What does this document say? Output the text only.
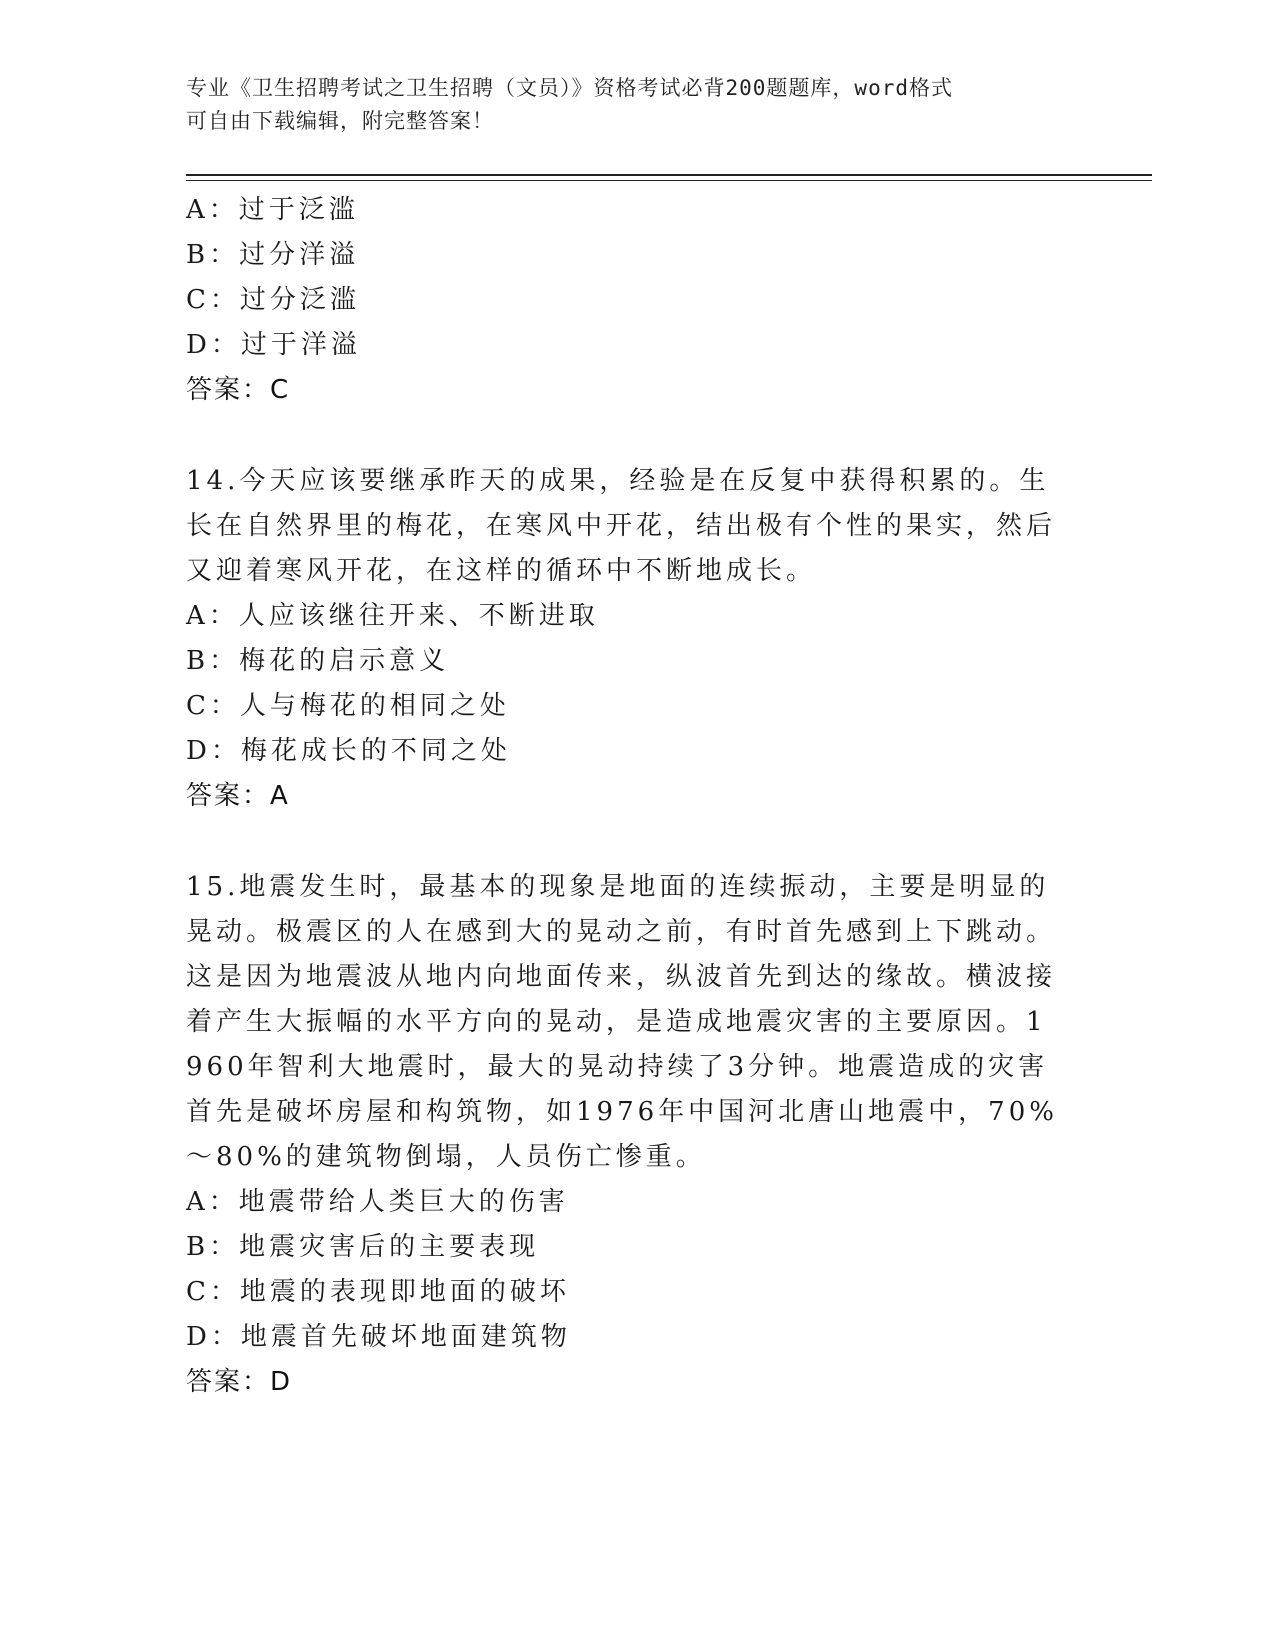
专业《卫生招聘考试之卫生招聘（文员）》资格考试必背200题题库，word格式
可自由下载编辑，附完整答案！
A：过于泛滥
B：过分洋溢
C：过分泛滥
D：过于洋溢
答案：C
14.今天应该要继承昨天的成果，经验是在反复中获得积累的。生长在自然界里的梅花，在寒风中开花，结出极有个性的果实，然后又迎着寒风开花，在这样的循环中不断地成长。
A：人应该继往开来、不断进取
B：梅花的启示意义
C：人与梅花的相同之处
D：梅花成长的不同之处
答案：A
15.地震发生时，最基本的现象是地面的连续振动，主要是明显的晃动。极震区的人在感到大的晃动之前，有时首先感到上下跳动。这是因为地震波从地内向地面传来，纵波首先到达的缘故。横波接着产生大振幅的水平方向的晃动，是造成地震灾害的主要原因。1960年智利大地震时，最大的晃动持续了3分钟。地震造成的灾害首先是破坏房屋和构筑物，如1976年中国河北唐山地震中，70%～80%的建筑物倒塌，人员伤亡惨重。
A：地震带给人类巨大的伤害
B：地震灾害后的主要表现
C：地震的表现即地面的破坏
D：地震首先破坏地面建筑物
答案：D
